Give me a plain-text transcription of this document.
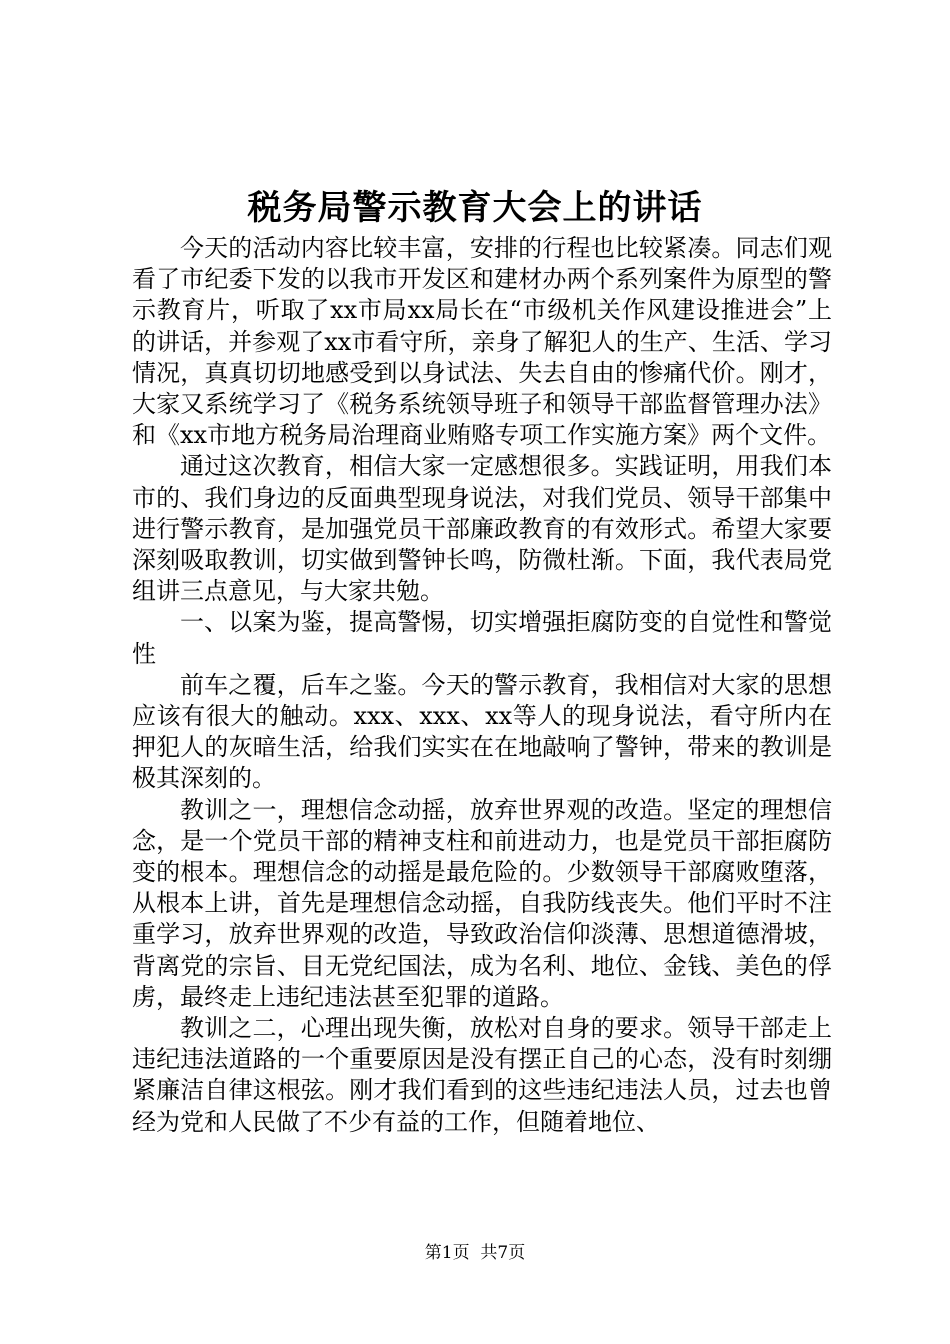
税务局警示教育大会上的讲话

今天的活动内容比较丰富，安排的行程也比较紧凑。同志们观看了市纪委下发的以我市开发区和建材办两个系列案件为原型的警示教育片，听取了xx市局xx局长在“市级机关作风建设推进会”上的讲话，并参观了xx市看守所，亲身了解犯人的生产、生活、学习情况，真真切切地感受到以身试法、失去自由的惨痛代价。刚才，大家又系统学习了《税务系统领导班子和领导干部监督管理办法》和《xx市地方税务局治理商业贿赂专项工作实施方案》两个文件。

通过这次教育，相信大家一定感想很多。实践证明，用我们本市的、我们身边的反面典型现身说法，对我们党员、领导干部集中进行警示教育，是加强党员干部廉政教育的有效形式。希望大家要深刻吸取教训，切实做到警钟长鸣，防微杜渐。下面，我代表局党组讲三点意见，与大家共勉。

一、以案为鉴，提高警惕，切实增强拒腐防变的自觉性和警觉性

前车之覆，后车之鉴。今天的警示教育，我相信对大家的思想应该有很大的触动。xxx、xxx、xx等人的现身说法，看守所内在押犯人的灰暗生活，给我们实实在在地敲响了警钟，带来的教训是极其深刻的。

教训之一，理想信念动摇，放弃世界观的改造。坚定的理想信念，是一个党员干部的精神支柱和前进动力，也是党员干部拒腐防变的根本。理想信念的动摇是最危险的。少数领导干部腐败堕落，从根本上讲，首先是理想信念动摇，自我防线丧失。他们平时不注重学习，放弃世界观的改造，导致政治信仰淡薄、思想道德滑坡，背离党的宗旨、目无党纪国法，成为名利、地位、金钱、美色的俘虏，最终走上违纪违法甚至犯罪的道路。

教训之二，心理出现失衡，放松对自身的要求。领导干部走上违纪违法道路的一个重要原因是没有摆正自己的心态，没有时刻绷紧廉洁自律这根弦。刚才我们看到的这些违纪违法人员，过去也曾经为党和人民做了不少有益的工作，但随着地位、

第1页  共7页
